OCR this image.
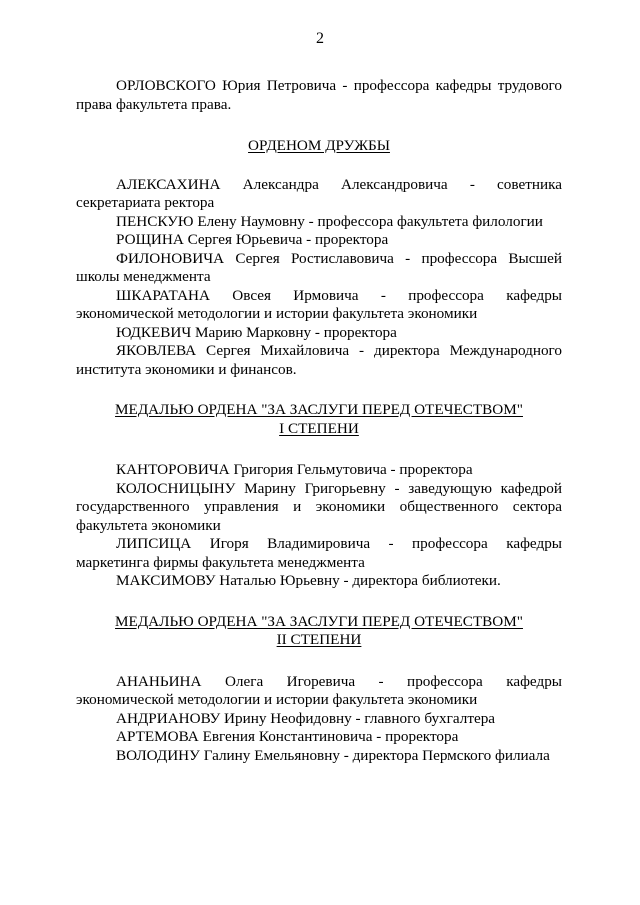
2

ОРЛОВСКОГО Юрия Петровича - профессора кафедры трудового права факультета права.

ОРДЕНОМ ДРУЖБЫ

АЛЕКСАХИНА Александра Александровича - советника секретариата ректора

ПЕНСКУЮ Елену Наумовну - профессора факультета филологии

РОЩИНА Сергея Юрьевича - проректора

ФИЛОНОВИЧА Сергея Ростиславовича - профессора Высшей школы менеджмента

ШКАРАТАНА Овсея Ирмовича - профессора кафедры экономической методологии и истории факультета экономики

ЮДКЕВИЧ Марию Марковну - проректора

ЯКОВЛЕВА Сергея Михайловича - директора Международного института экономики и финансов.

МЕДАЛЬЮ ОРДЕНА "ЗА ЗАСЛУГИ ПЕРЕД ОТЕЧЕСТВОМ"
I СТЕПЕНИ

КАНТОРОВИЧА Григория Гельмутовича - проректора

КОЛОСНИЦЫНУ Марину Григорьевну - заведующую кафедрой государственного управления и экономики общественного сектора факультета экономики

ЛИПСИЦА Игоря Владимировича - профессора кафедры маркетинга фирмы факультета менеджмента

МАКСИМОВУ Наталью Юрьевну - директора библиотеки.

МЕДАЛЬЮ ОРДЕНА "ЗА ЗАСЛУГИ ПЕРЕД ОТЕЧЕСТВОМ"
II СТЕПЕНИ

АНАНЬИНА Олега Игоревича - профессора кафедры экономической методологии и истории факультета экономики

АНДРИАНОВУ Ирину Неофидовну - главного бухгалтера

АРТЕМОВА Евгения Константиновича - проректора

ВОЛОДИНУ Галину Емельяновну - директора Пермского филиала
